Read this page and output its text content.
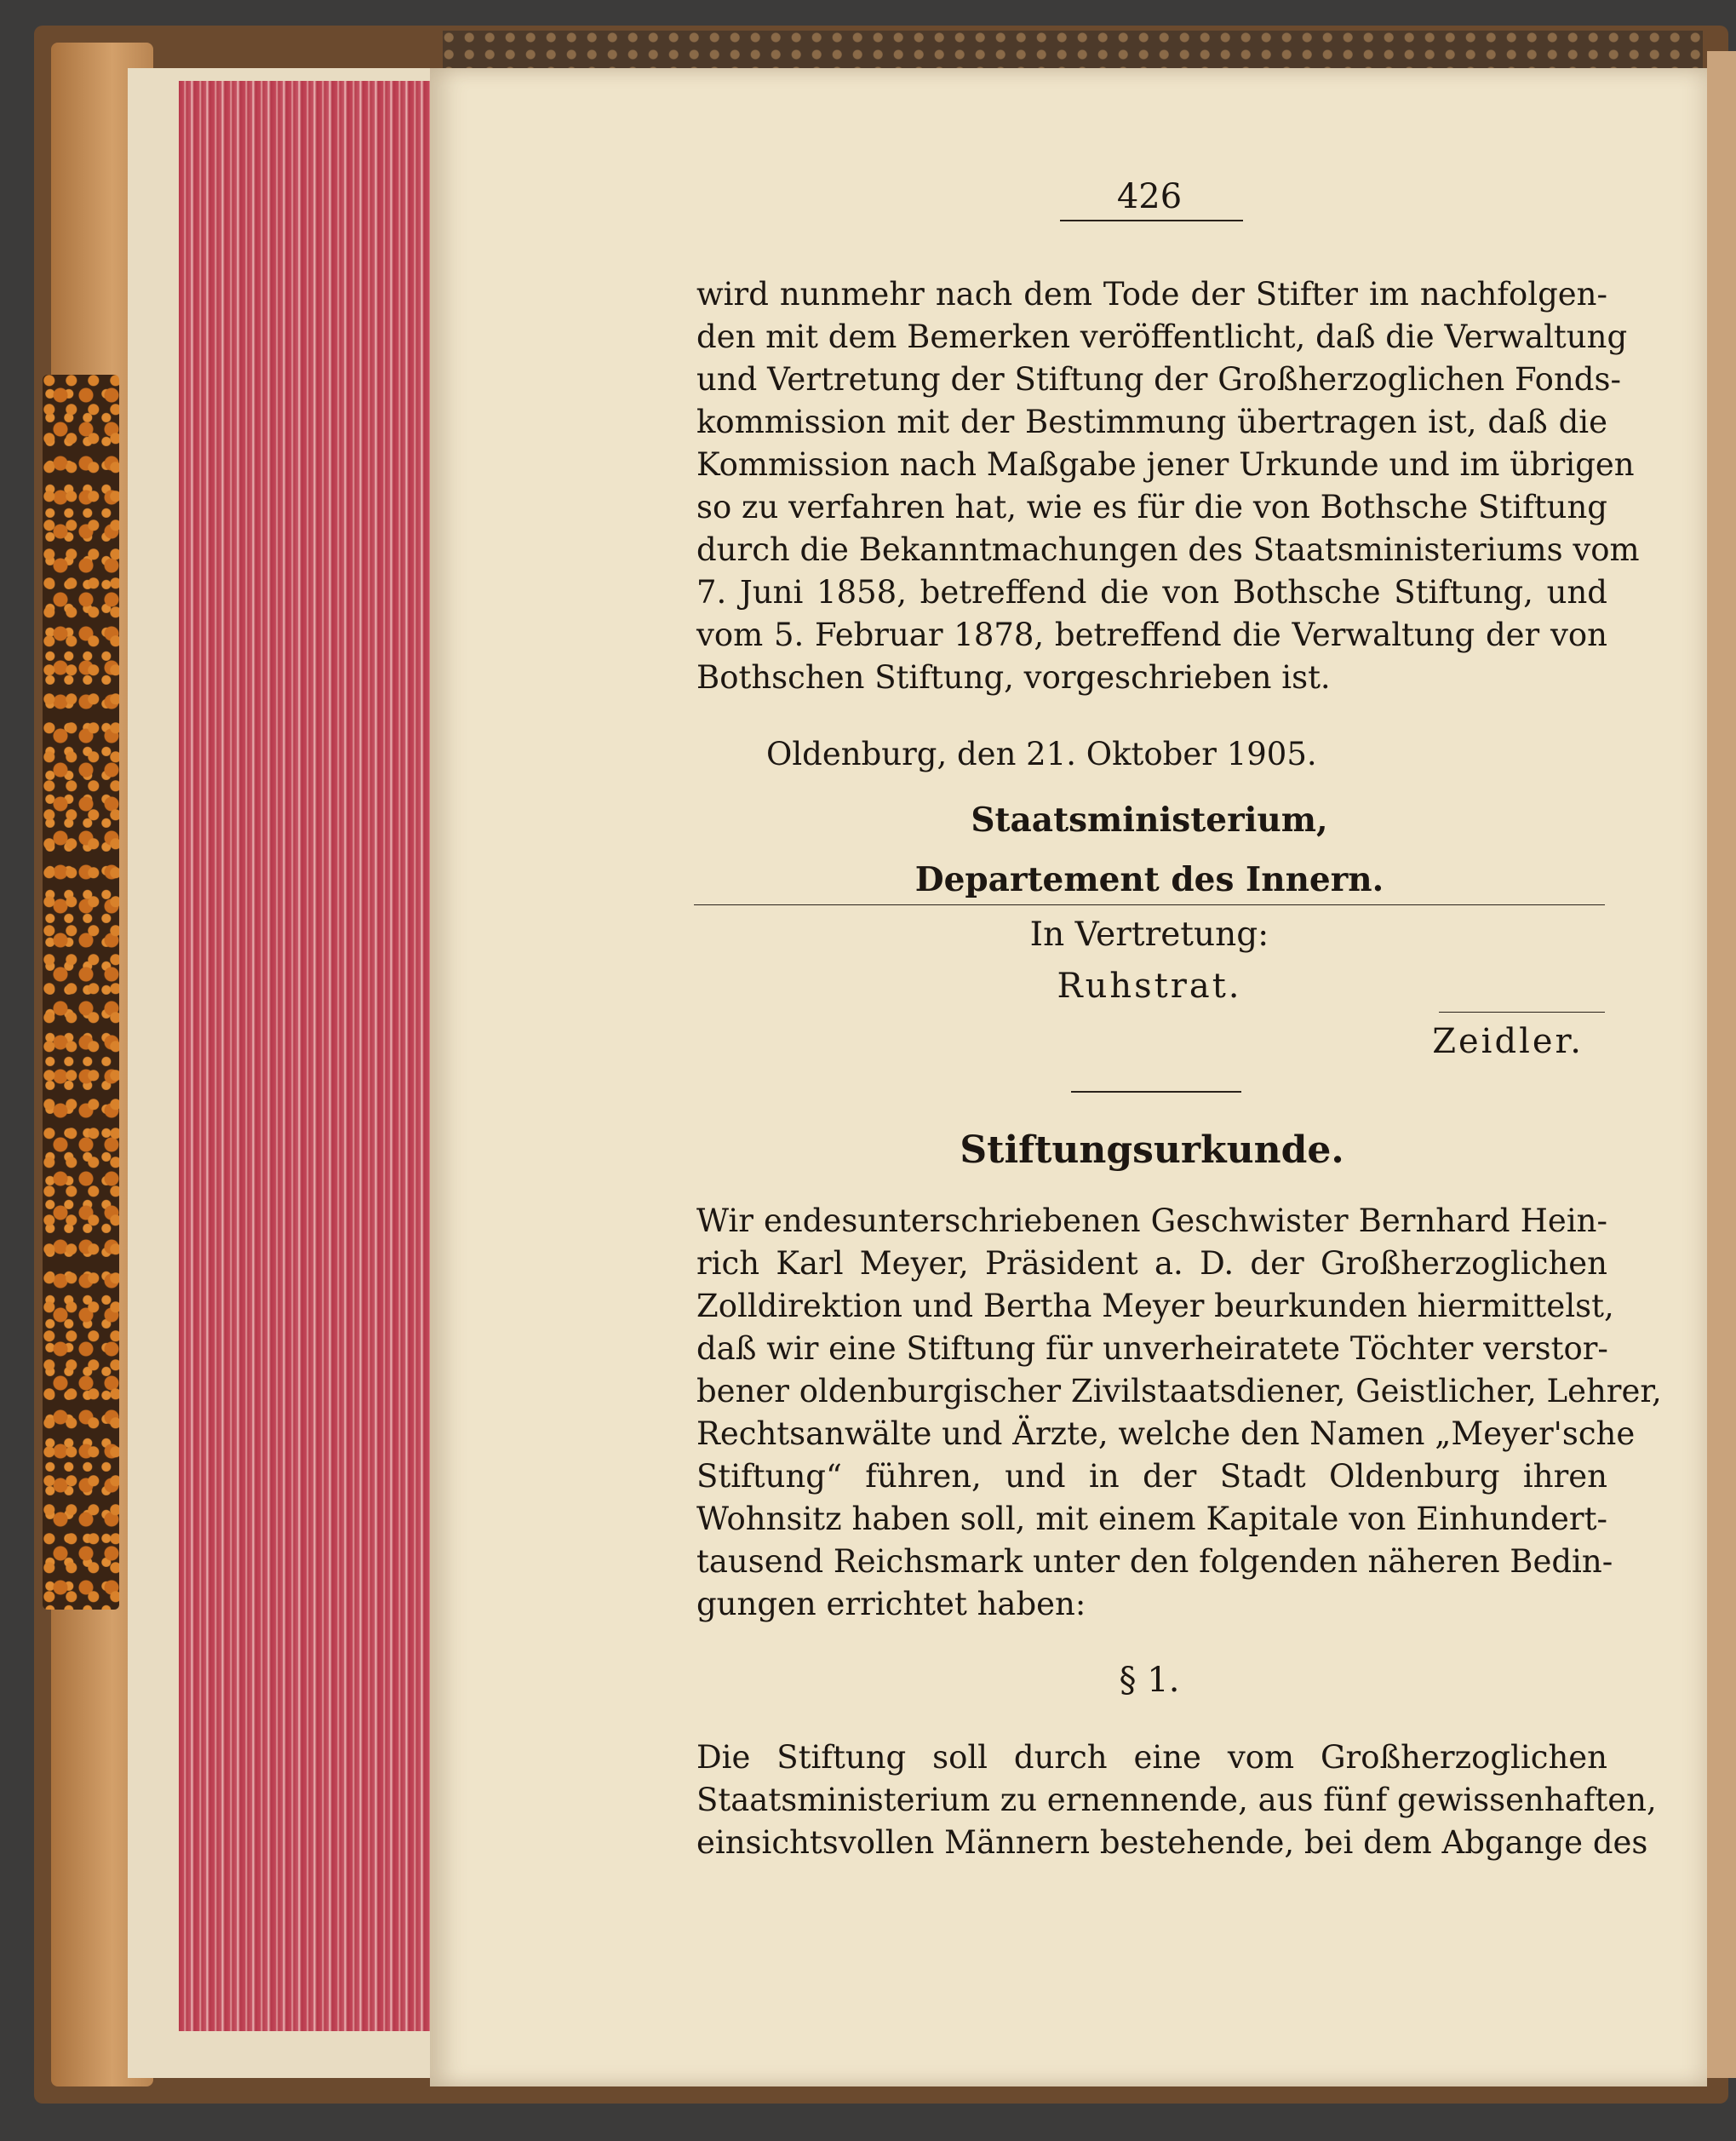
426
wird nunmehr nach dem Tode der Stifter im nachfolgen-
den mit dem Bemerken veröffentlicht, daß die Verwaltung
und Vertretung der Stiftung der Großherzoglichen Fonds-
kommission mit der Bestimmung übertragen ist, daß die
Kommission nach Maßgabe jener Urkunde und im übrigen
so zu verfahren hat, wie es für die von Bothsche Stiftung
durch die Bekanntmachungen des Staatsministeriums vom
7. Juni 1858, betreffend die von Bothsche Stiftung, und
vom 5. Februar 1878, betreffend die Verwaltung der von
Bothschen Stiftung, vorgeschrieben ist.
Oldenburg, den 21. Oktober 1905.
Staatsministerium,
Departement des Innern.
In Vertretung:
Ruhstrat.
Zeidler.
Stiftungsurkunde.
Wir endesunterschriebenen Geschwister Bernhard Hein-
rich Karl Meyer, Präsident a. D. der Großherzoglichen
Zolldirektion und Bertha Meyer beurkunden hiermittelst,
daß wir eine Stiftung für unverheiratete Töchter verstor-
bener oldenburgischer Zivilstaatsdiener, Geistlicher, Lehrer,
Rechtsanwälte und Ärzte, welche den Namen „Meyer'sche
Stiftung“ führen, und in der Stadt Oldenburg ihren
Wohnsitz haben soll, mit einem Kapitale von Einhundert-
tausend Reichsmark unter den folgenden näheren Bedin-
gungen errichtet haben:
§ 1.
Die Stiftung soll durch eine vom Großherzoglichen
Staatsministerium zu ernennende, aus fünf gewissenhaften,
einsichtsvollen Männern bestehende, bei dem Abgange des
